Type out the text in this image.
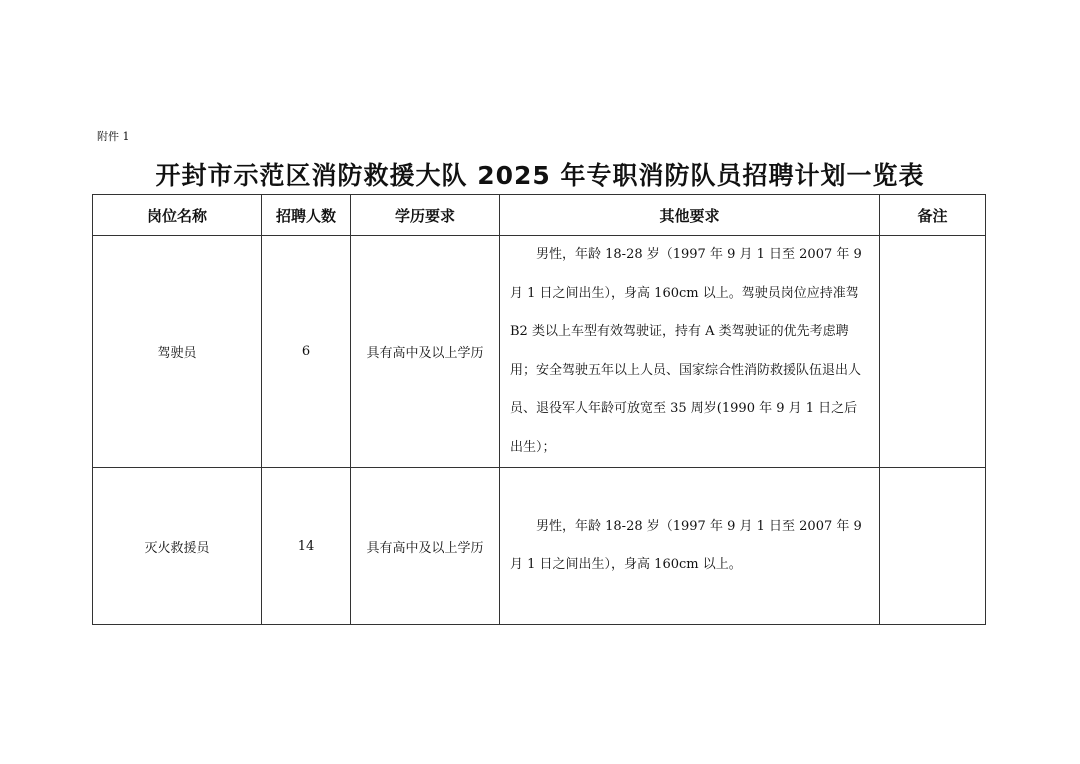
附件 1
开封市示范区消防救援大队 2025 年专职消防队员招聘计划一览表
岗位名称	招聘人数	学历要求	其他要求	备注
驾驶员	6	具有高中及以上学历	男性，年龄 18-28 岁（1997 年 9 月 1 日至 2007 年 9 月 1 日之间出生），身高 160cm 以上。驾驶员岗位应持准驾 B2 类以上车型有效驾驶证，持有 A 类驾驶证的优先考虑聘用；安全驾驶五年以上人员、国家综合性消防救援队伍退出人员、退役军人年龄可放宽至 35 周岁(1990 年 9 月 1 日之后出生）；	

灭火救援员	14	具有高中及以上学历	男性，年龄 18-28 岁（1997 年 9 月 1 日至 2007 年 9 月 1 日之间出生），身高 160cm 以上。	
